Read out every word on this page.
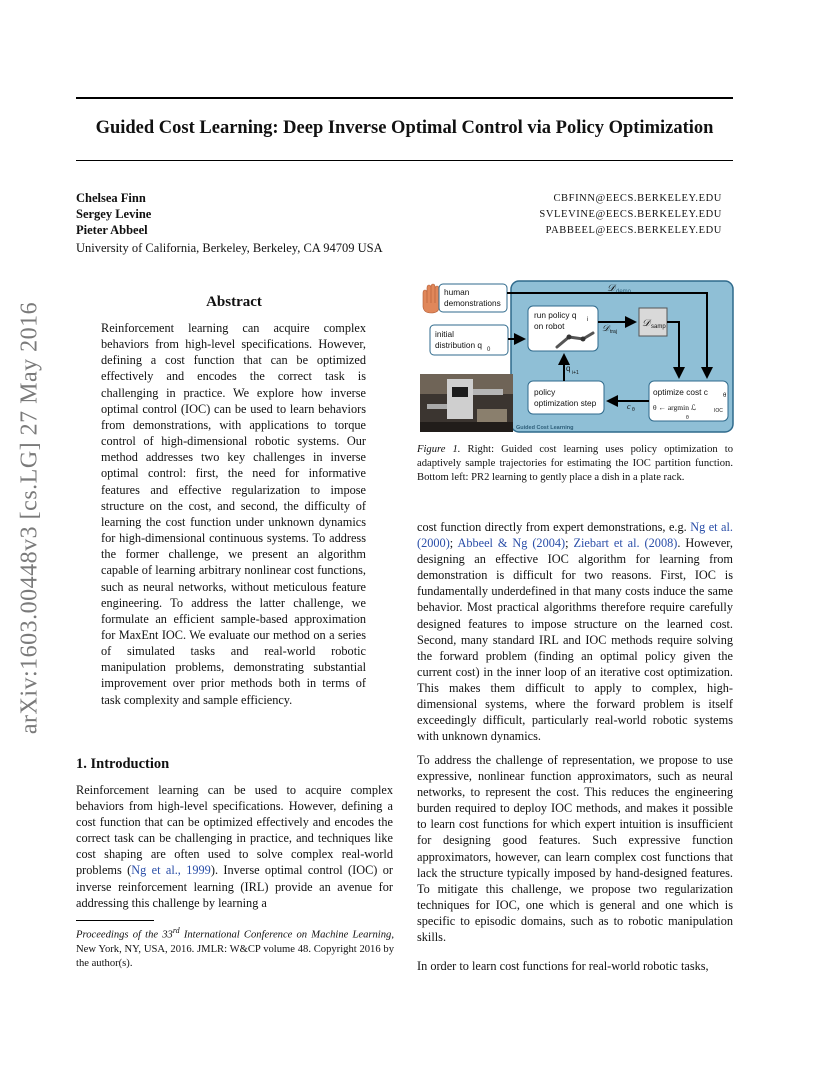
Guided Cost Learning: Deep Inverse Optimal Control via Policy Optimization
Chelsea Finn
Sergey Levine
Pieter Abbeel
CBFINN@EECS.BERKELEY.EDU
SVLEVINE@EECS.BERKELEY.EDU
PABBEEL@EECS.BERKELEY.EDU
University of California, Berkeley, Berkeley, CA 94709 USA
arXiv:1603.00448v3 [cs.LG] 27 May 2016	Abstract

Reinforcement learning can acquire complex behaviors from high-level specifications. However, defining a cost function that can be optimized effectively and encodes the correct task is challenging in practice. We explore how inverse optimal control (IOC) can be used to learn behaviors from demonstrations, with applications to torque control of high-dimensional robotic systems. Our method addresses two key challenges in inverse optimal control: first, the need for informative features and effective regularization to impose structure on the cost, and second, the difficulty of learning the cost function under unknown dynamics for high-dimensional continuous systems. To address the former challenge, we present an algorithm capable of learning arbitrary nonlinear cost functions, such as neural networks, without meticulous feature engineering. To address the latter challenge, we formulate an efficient sample-based approximation for MaxEnt IOC. We evaluate our method on a series of simulated tasks and real-world robotic manipulation problems, demonstrating substantial improvement over prior methods both in terms of task complexity and sample efficiency.

1. Introduction

Reinforcement learning can be used to acquire complex behaviors from high-level specifications. However, defining a cost function that can be optimized effectively and encodes the correct task can be challenging in practice, and techniques like cost shaping are often used to solve complex real-world problems (Ng et al., 1999). Inverse optimal control (IOC) or inverse reinforcement learning (IRL) provide an avenue for addressing this challenge by learning a

Proceedings of the 33rd International Conference on Machine Learning, New York, NY, USA, 2016. JMLR: W&CP volume 48. Copyright 2016 by the author(s).

human demonstrations
initial distribution q 0
run policy q i
on robot	𝒟 samp
policy
optimization step
optimize cost c	θ
θ ← argmin ℒ	IOC
θ
𝒟 demo
𝒟 traj
q i+1
c θ
Guided Cost Learning

Figure 1. Right: Guided cost learning uses policy optimization to adaptively sample trajectories for estimating the IOC partition function. Bottom left: PR2 learning to gently place a dish in a plate rack.

cost function directly from expert demonstrations, e.g. Ng et al. (2000); Abbeel & Ng (2004); Ziebart et al. (2008). However, designing an effective IOC algorithm for learning from demonstration is difficult for two reasons. First, IOC is fundamentally underdefined in that many costs induce the same behavior. Most practical algorithms therefore require carefully designed features to impose structure on the learned cost. Second, many standard IRL and IOC methods require solving the forward problem (finding an optimal policy given the current cost) in the inner loop of an iterative cost optimization. This makes them difficult to apply to complex, high-dimensional systems, where the forward problem is itself exceedingly difficult, particularly real-world robotic systems with unknown dynamics.

To address the challenge of representation, we propose to use expressive, nonlinear function approximators, such as neural networks, to represent the cost. This reduces the engineering burden required to deploy IOC methods, and makes it possible to learn cost functions for which expert intuition is insufficient for designing good features. Such expressive function approximators, however, can learn complex cost functions that lack the structure typically imposed by hand-designed features. To mitigate this challenge, we propose two regularization techniques for IOC, one which is general and one which is specific to episodic domains, such as to robotic manipulation skills.

In order to learn cost functions for real-world robotic tasks,
